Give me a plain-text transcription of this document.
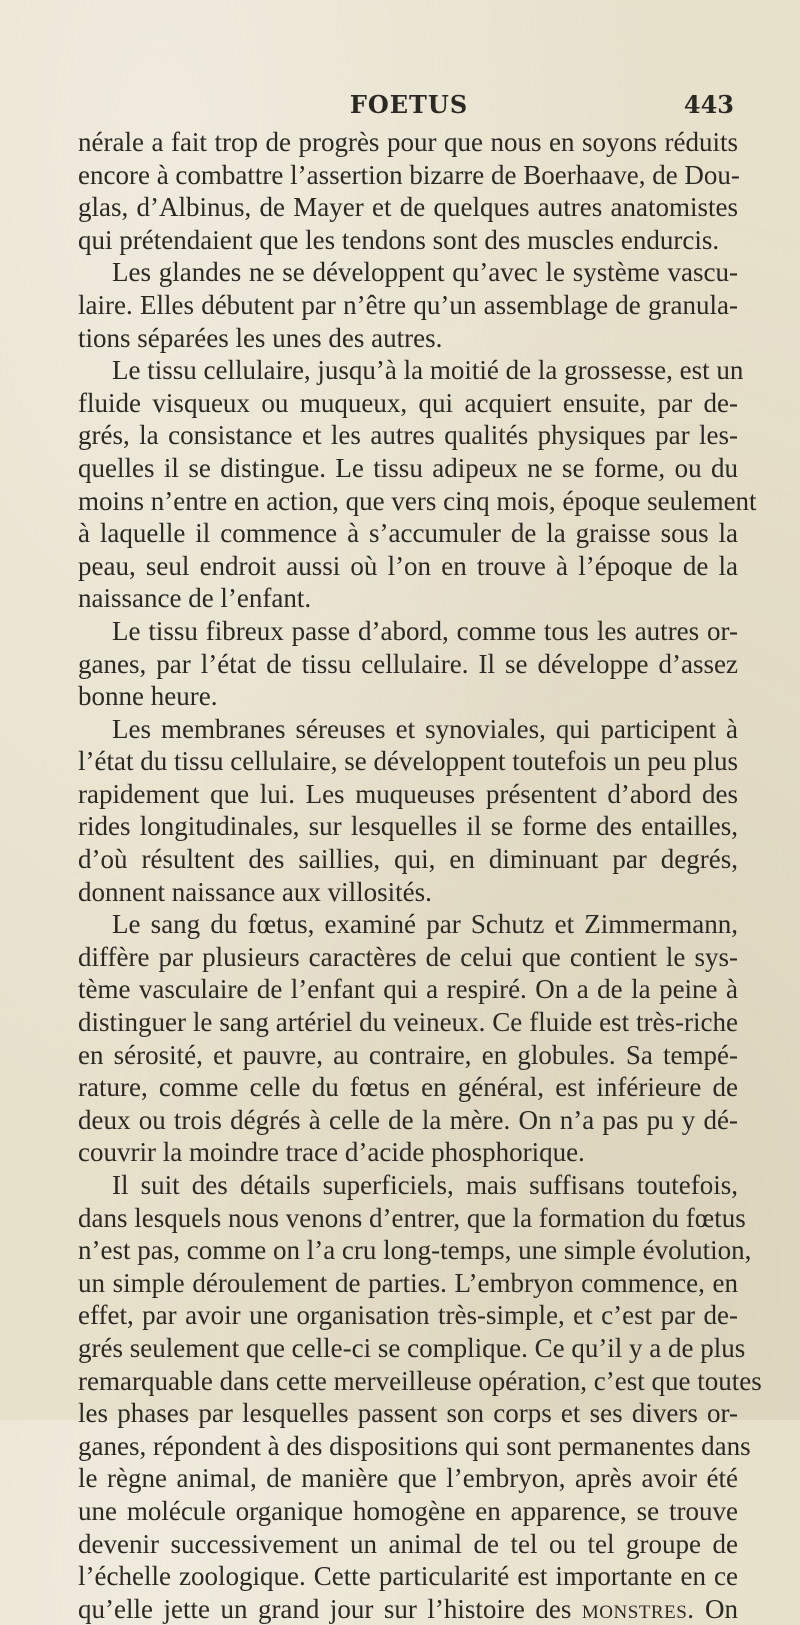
FOETUS	443
nérale a fait trop de progrès pour que nous en soyons réduits
encore à combattre l’assertion bizarre de Boerhaave, de Dou-
glas, d’Albinus, de Mayer et de quelques autres anatomistes
qui prétendaient que les tendons sont des muscles endurcis.
Les glandes ne se développent qu’avec le système vascu-
laire. Elles débutent par n’être qu’un assemblage de granula-
tions séparées les unes des autres.
Le tissu cellulaire, jusqu’à la moitié de la grossesse, est un
fluide visqueux ou muqueux, qui acquiert ensuite, par de-
grés, la consistance et les autres qualités physiques par les-
quelles il se distingue. Le tissu adipeux ne se forme, ou du
moins n’entre en action, que vers cinq mois, époque seulement
à laquelle il commence à s’accumuler de la graisse sous la
peau, seul endroit aussi où l’on en trouve à l’époque de la
naissance de l’enfant.
Le tissu fibreux passe d’abord, comme tous les autres or-
ganes, par l’état de tissu cellulaire. Il se développe d’assez
bonne heure.
Les membranes séreuses et synoviales, qui participent à
l’état du tissu cellulaire, se développent toutefois un peu plus
rapidement que lui. Les muqueuses présentent d’abord des
rides longitudinales, sur lesquelles il se forme des entailles,
d’où résultent des saillies, qui, en diminuant par degrés,
donnent naissance aux villosités.
Le sang du fœtus, examiné par Schutz et Zimmermann,
diffère par plusieurs caractères de celui que contient le sys-
tème vasculaire de l’enfant qui a respiré. On a de la peine à
distinguer le sang artériel du veineux. Ce fluide est très-riche
en sérosité, et pauvre, au contraire, en globules. Sa tempé-
rature, comme celle du fœtus en général, est inférieure de
deux ou trois dégrés à celle de la mère. On n’a pas pu y dé-
couvrir la moindre trace d’acide phosphorique.
Il suit des détails superficiels, mais suffisans toutefois,
dans lesquels nous venons d’entrer, que la formation du fœtus
n’est pas, comme on l’a cru long-temps, une simple évolution,
un simple déroulement de parties. L’embryon commence, en
effet, par avoir une organisation très-simple, et c’est par de-
grés seulement que celle-ci se complique. Ce qu’il y a de plus
remarquable dans cette merveilleuse opération, c’est que toutes
les phases par lesquelles passent son corps et ses divers or-
ganes, répondent à des dispositions qui sont permanentes dans
le règne animal, de manière que l’embryon, après avoir été
une molécule organique homogène en apparence, se trouve
devenir successivement un animal de tel ou tel groupe de
l’échelle zoologique. Cette particularité est importante en ce
qu’elle jette un grand jour sur l’histoire des monstres. On
